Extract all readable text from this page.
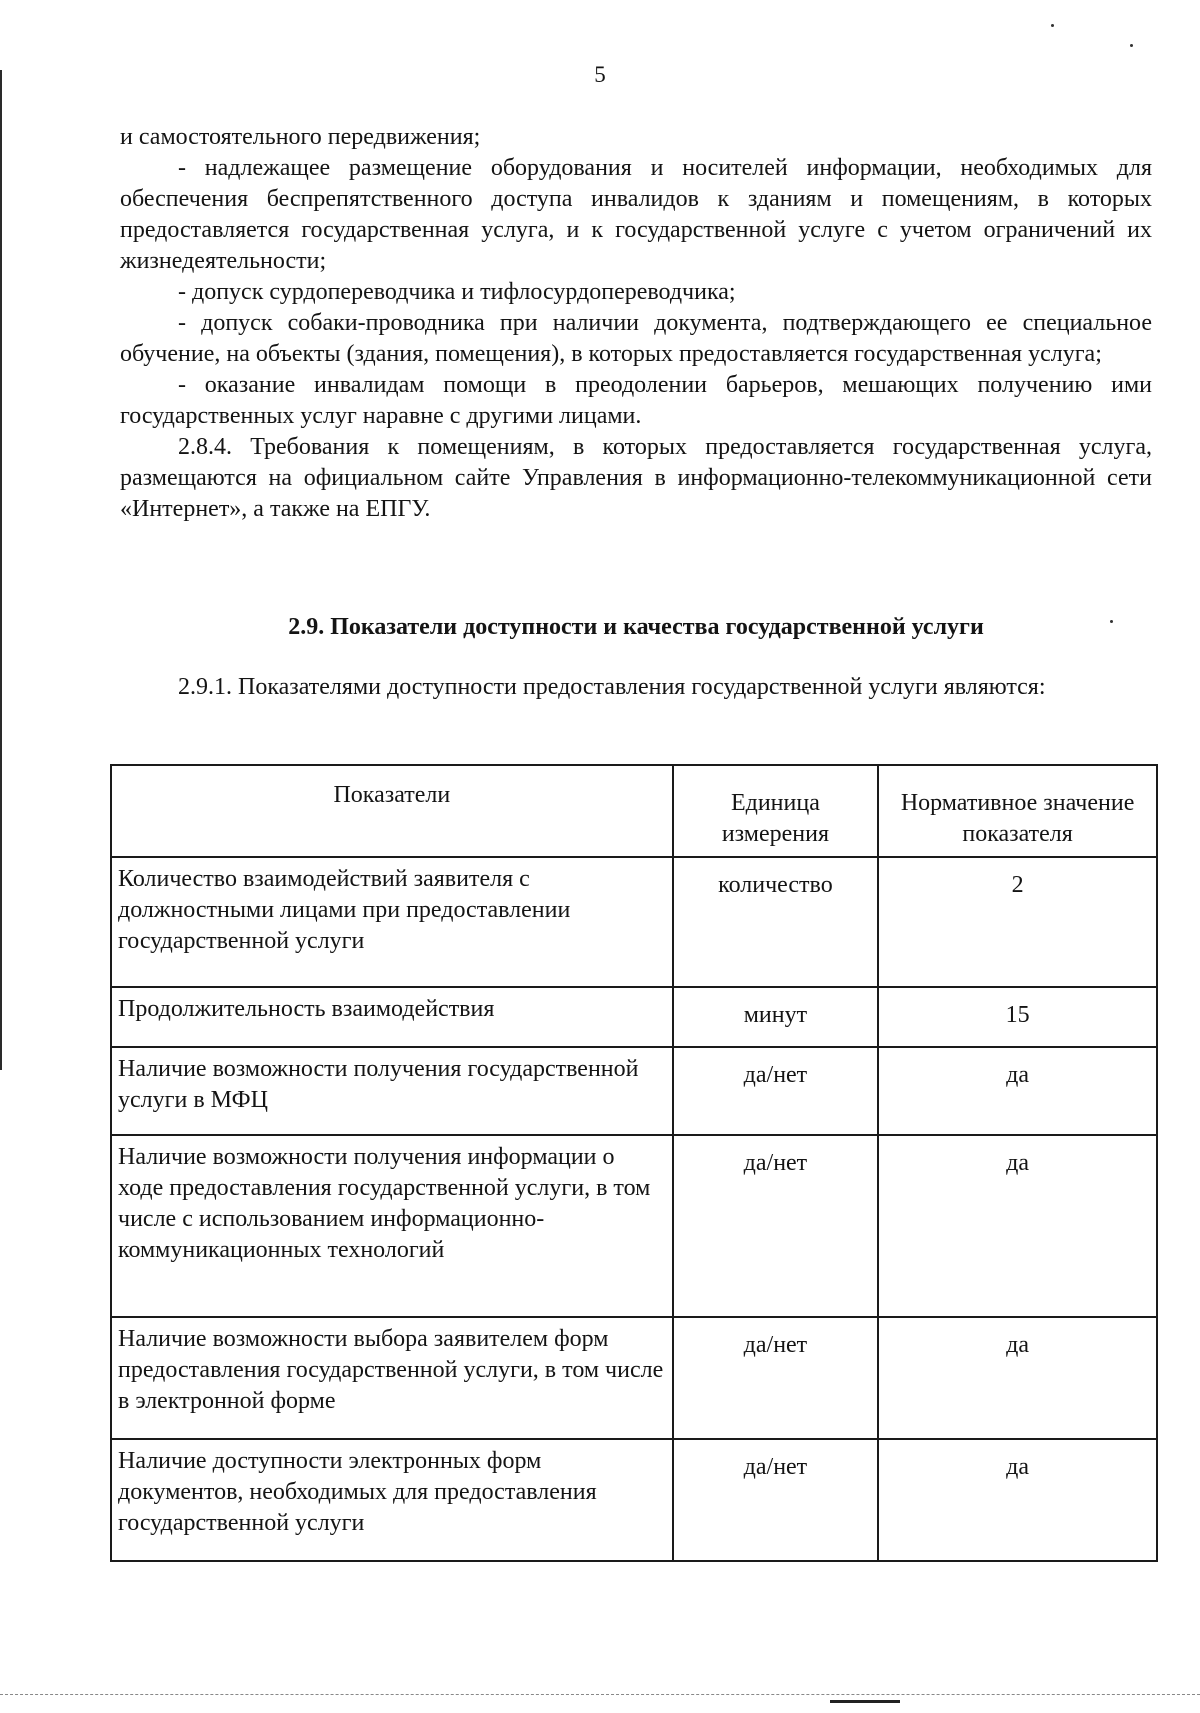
5

и самостоятельного передвижения;

- надлежащее размещение оборудования и носителей информации, необходимых для обеспечения беспрепятственного доступа инвалидов к зданиям и помещениям, в которых предоставляется государственная услуга, и к государственной услуге с учетом ограничений их жизнедеятельности;

- допуск сурдопереводчика и тифлосурдопереводчика;

- допуск собаки-проводника при наличии документа, подтверждающего ее специальное обучение, на объекты (здания, помещения), в которых предоставляется государственная услуга;

- оказание инвалидам помощи в преодолении барьеров, мешающих получению ими государственных услуг наравне с другими лицами.

2.8.4. Требования к помещениям, в которых предоставляется государственная услуга, размещаются на официальном сайте Управления в информационно-телекоммуникационной сети «Интернет», а также на ЕПГУ.

2.9. Показатели доступности и качества государственной услуги

2.9.1. Показателями доступности предоставления государственной услуги являются:

Показатели	Единица измерения	Нормативное значение показателя
Количество взаимодействий заявителя с должностными лицами при предоставлении государственной услуги	количество	2
Продолжительность взаимодействия	минут	15
Наличие возможности получения государственной услуги в МФЦ	да/нет	да
Наличие возможности получения информации о ходе предоставления государственной услуги, в том числе с использованием информационно-коммуникационных технологий	да/нет	да
Наличие возможности выбора заявителем форм предоставления государственной услуги, в том числе в электронной форме	да/нет	да
Наличие доступности электронных форм документов, необходимых для предоставления государственной услуги	да/нет	да
